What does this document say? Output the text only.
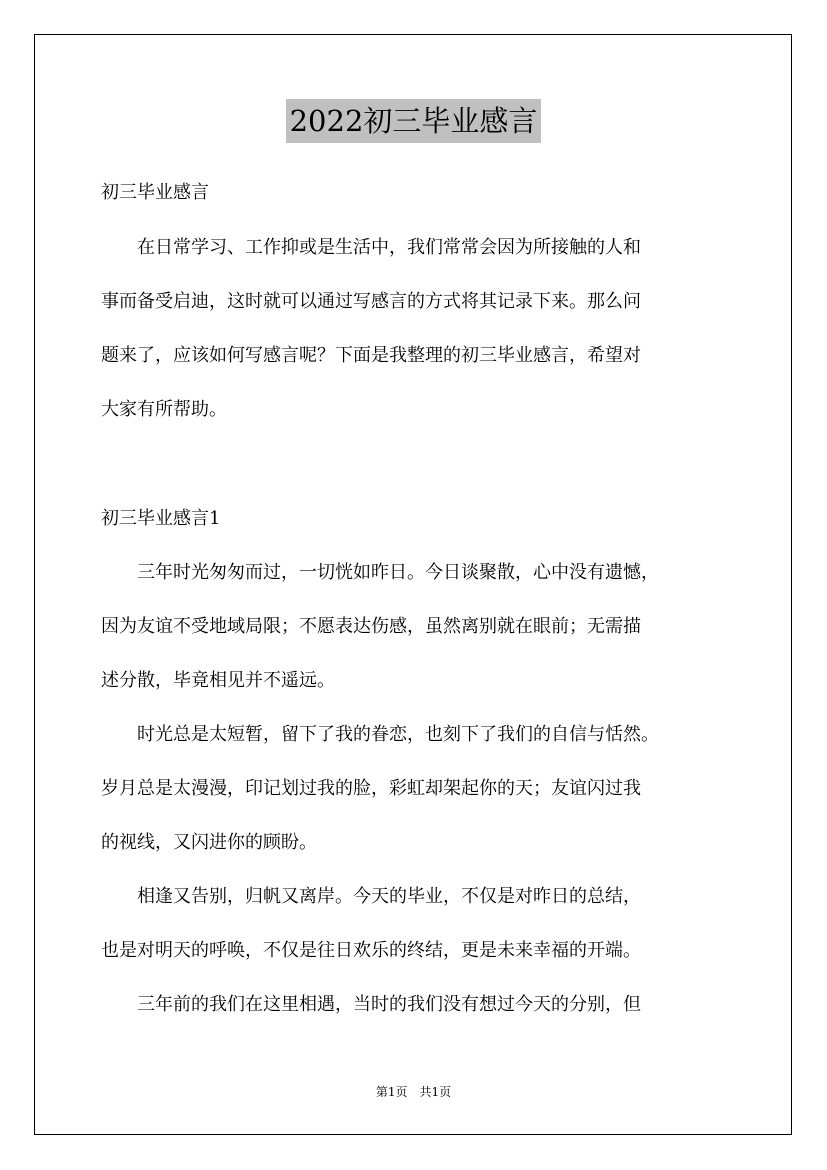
2022初三毕业感言
初三毕业感言
　　在日常学习、工作抑或是生活中，我们常常会因为所接触的人和
事而备受启迪，这时就可以通过写感言的方式将其记录下来。那么问
题来了，应该如何写感言呢？下面是我整理的初三毕业感言，希望对
大家有所帮助。
初三毕业感言1
　　三年时光匆匆而过，一切恍如昨日。今日谈聚散，心中没有遗憾，
因为友谊不受地域局限；不愿表达伤感，虽然离别就在眼前；无需描
述分散，毕竟相见并不遥远。
　　时光总是太短暂，留下了我的眷恋，也刻下了我们的自信与恬然。
岁月总是太漫漫，印记划过我的脸，彩虹却架起你的天；友谊闪过我
的视线，又闪进你的顾盼。
　　相逢又告别，归帆又离岸。今天的毕业，不仅是对昨日的总结，
也是对明天的呼唤，不仅是往日欢乐的终结，更是未来幸福的开端。
　　三年前的我们在这里相遇，当时的我们没有想过今天的分别，但
第1页　共1页
